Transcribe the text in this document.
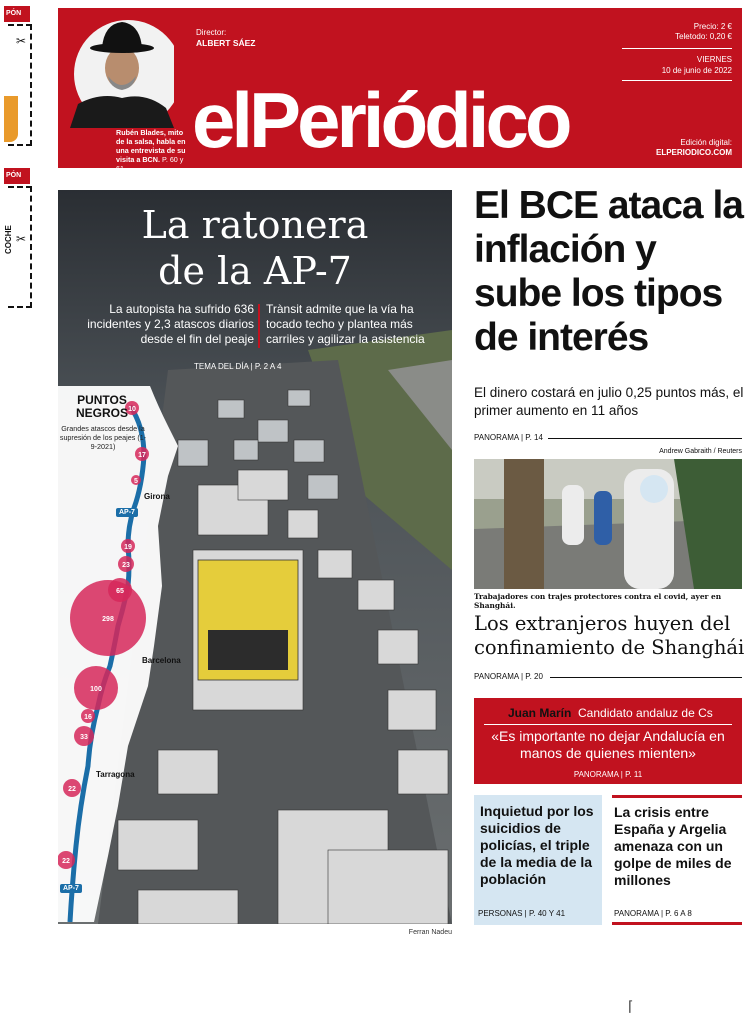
PÓN
✂
PÓN
COCHE ✂
Rubén Blades, mito de la salsa, habla en una entrevista de su visita a BCN. P. 60 y 61
Director:
ALBERT SÁEZ
elPeriódico
Precio: 2 €
Teletodo: 0,20 €
VIERNES
10 de junio de 2022
Edición digital:
ELPERIODICO.COM
La ratonera
de la AP-7
La autopista ha sufrido 636 incidentes y 2,3 atascos diarios desde el fin del peaje
Trànsit admite que la vía ha tocado techo y plantea más carriles y agilizar la asistencia
TEMA DEL DÍA | P. 2 A 4
10
17
5
19
23
65
298
100
16
33
22
22
PUNTOS
NEGROS
Grandes atascos desde la supresión de los peajes (1-9-2021)
Girona
Barcelona
Tarragona
AP-7
AP-7
Ferran Nadeu
El BCE ataca la inflación y sube los tipos de interés
El dinero costará en julio 0,25 puntos más, el primer aumento en 11 años
PANORAMA | P. 14
Andrew Gabraith / Reuters
Trabajadores con trajes protectores contra el covid, ayer en Shanghái.
Los extranjeros huyen del confinamiento de Shanghái
PANORAMA | P. 20
Juan Marín Candidato andaluz de Cs
«Es importante no dejar Andalucía en manos de quienes mienten»
PANORAMA | P. 11
Inquietud por los suicidios de policías, el triple de la media de la población
PERSONAS | P. 40 Y 41
La crisis entre España y Argelia amenaza con un golpe de miles de millones
PANORAMA | P. 6 A 8
⌈
